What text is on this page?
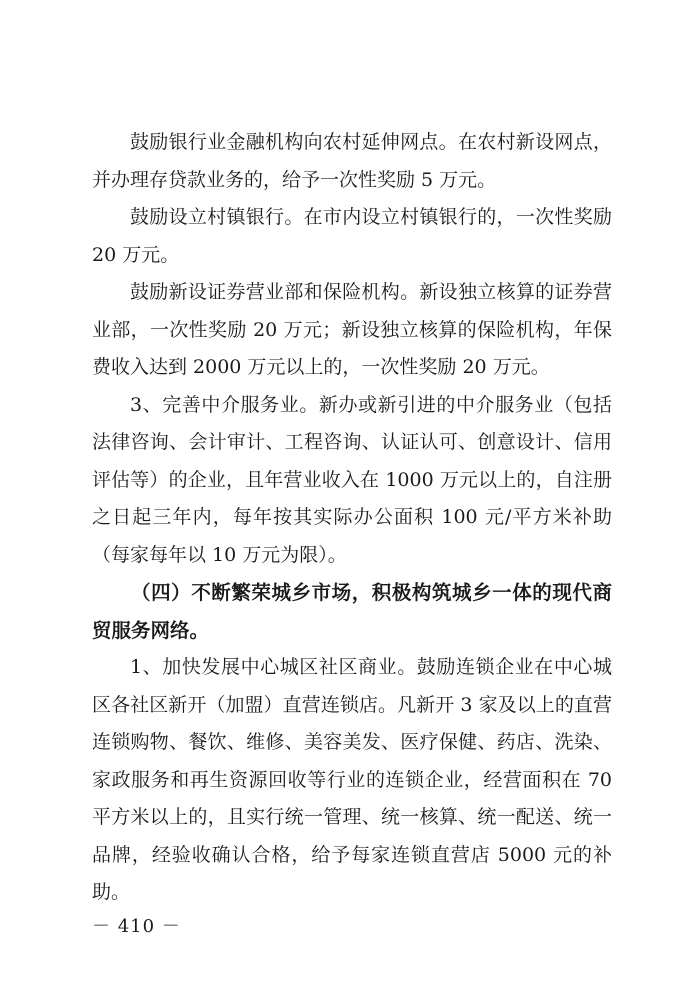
鼓励银行业金融机构向农村延伸网点。在农村新设网点，并办理存贷款业务的，给予一次性奖励 5 万元。

鼓励设立村镇银行。在市内设立村镇银行的，一次性奖励 20 万元。

鼓励新设证券营业部和保险机构。新设独立核算的证券营业部，一次性奖励 20 万元；新设独立核算的保险机构，年保费收入达到 2000 万元以上的，一次性奖励 20 万元。

3、完善中介服务业。新办或新引进的中介服务业（包括法律咨询、会计审计、工程咨询、认证认可、创意设计、信用评估等）的企业，且年营业收入在 1000 万元以上的，自注册之日起三年内，每年按其实际办公面积 100 元/平方米补助（每家每年以 10 万元为限）。

（四）不断繁荣城乡市场，积极构筑城乡一体的现代商贸服务网络。

1、加快发展中心城区社区商业。鼓励连锁企业在中心城区各社区新开（加盟）直营连锁店。凡新开 3 家及以上的直营连锁购物、餐饮、维修、美容美发、医疗保健、药店、洗染、家政服务和再生资源回收等行业的连锁企业，经营面积在 70 平方米以上的，且实行统一管理、统一核算、统一配送、统一品牌，经验收确认合格，给予每家连锁直营店 5000 元的补助。

－ 410 －
